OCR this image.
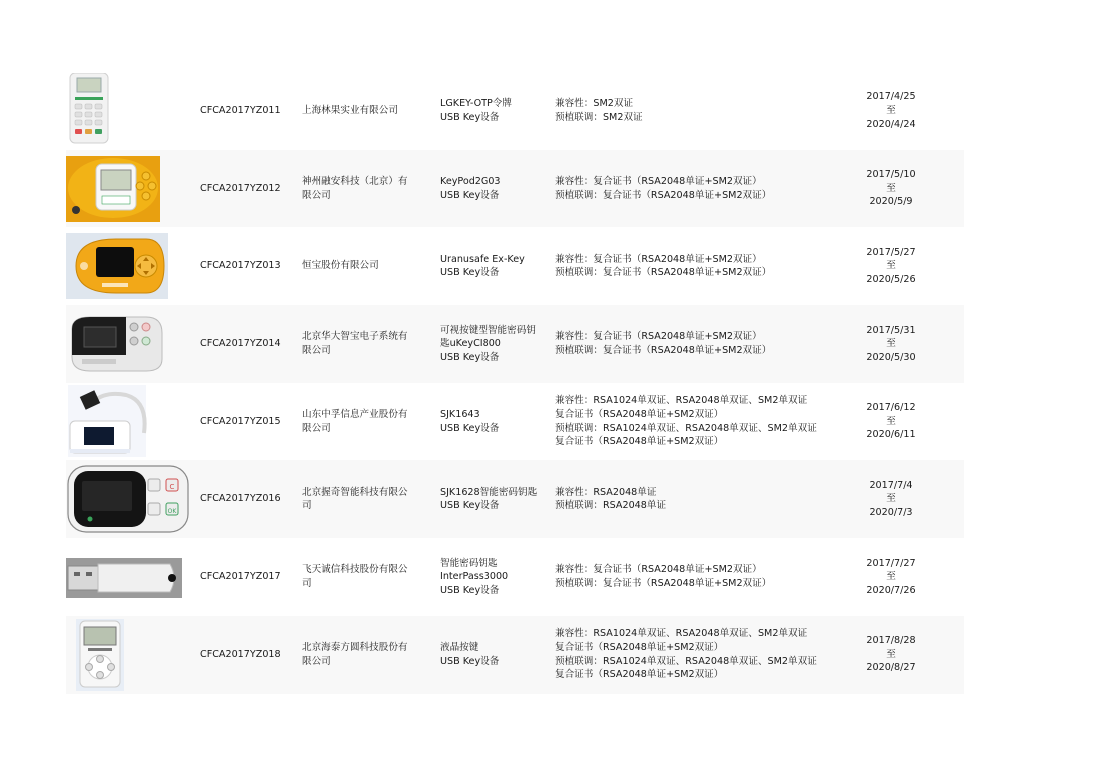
CFCA2017YZ011	上海林果实业有限公司
LGKEY-OTP令牌
USB Key设备
兼容性：SM2双证
预植联调：SM2双证
2017/4/25
至
2020/4/24
CFCA2017YZ012
神州融安科技（北京）有限公司
KeyPod2G03
USB Key设备
兼容性：复合证书（RSA2048单证+SM2双证）
预植联调：复合证书（RSA2048单证+SM2双证）
2017/5/10
至
2020/5/9
CFCA2017YZ013	恒宝股份有限公司
Uranusafe Ex-Key
USB Key设备
兼容性：复合证书（RSA2048单证+SM2双证）
预植联调：复合证书（RSA2048单证+SM2双证）
2017/5/27
至
2020/5/26
CFCA2017YZ014
北京华大智宝电子系统有限公司
可视按键型智能密码钥匙uKeyCI800
USB Key设备
兼容性：复合证书（RSA2048单证+SM2双证）
预植联调：复合证书（RSA2048单证+SM2双证）
2017/5/31
至
2020/5/30
CFCA2017YZ015
山东中孚信息产业股份有限公司
SJK1643
USB Key设备
兼容性：RSA1024单双证、RSA2048单双证、SM2单双证
复合证书（RSA2048单证+SM2双证）
预植联调：RSA1024单双证、RSA2048单双证、SM2单双证
复合证书（RSA2048单证+SM2双证）
2017/6/12
至
2020/6/11
C
OK
CFCA2017YZ016
北京握奇智能科技有限公司
SJK1628智能密码钥匙USB Key设备
兼容性：RSA2048单证
预植联调：RSA2048单证
2017/7/4
至
2020/7/3
CFCA2017YZ017
飞天诚信科技股份有限公司
智能密码钥匙
InterPass3000
USB Key设备
兼容性：复合证书（RSA2048单证+SM2双证）
预植联调：复合证书（RSA2048单证+SM2双证）
2017/7/27
至
2020/7/26
CFCA2017YZ018
北京海泰方圆科技股份有限公司
液晶按键
USB Key设备
兼容性：RSA1024单双证、RSA2048单双证、SM2单双证
复合证书（RSA2048单证+SM2双证）
预植联调：RSA1024单双证、RSA2048单双证、SM2单双证
复合证书（RSA2048单证+SM2双证）
2017/8/28
至
2020/8/27
